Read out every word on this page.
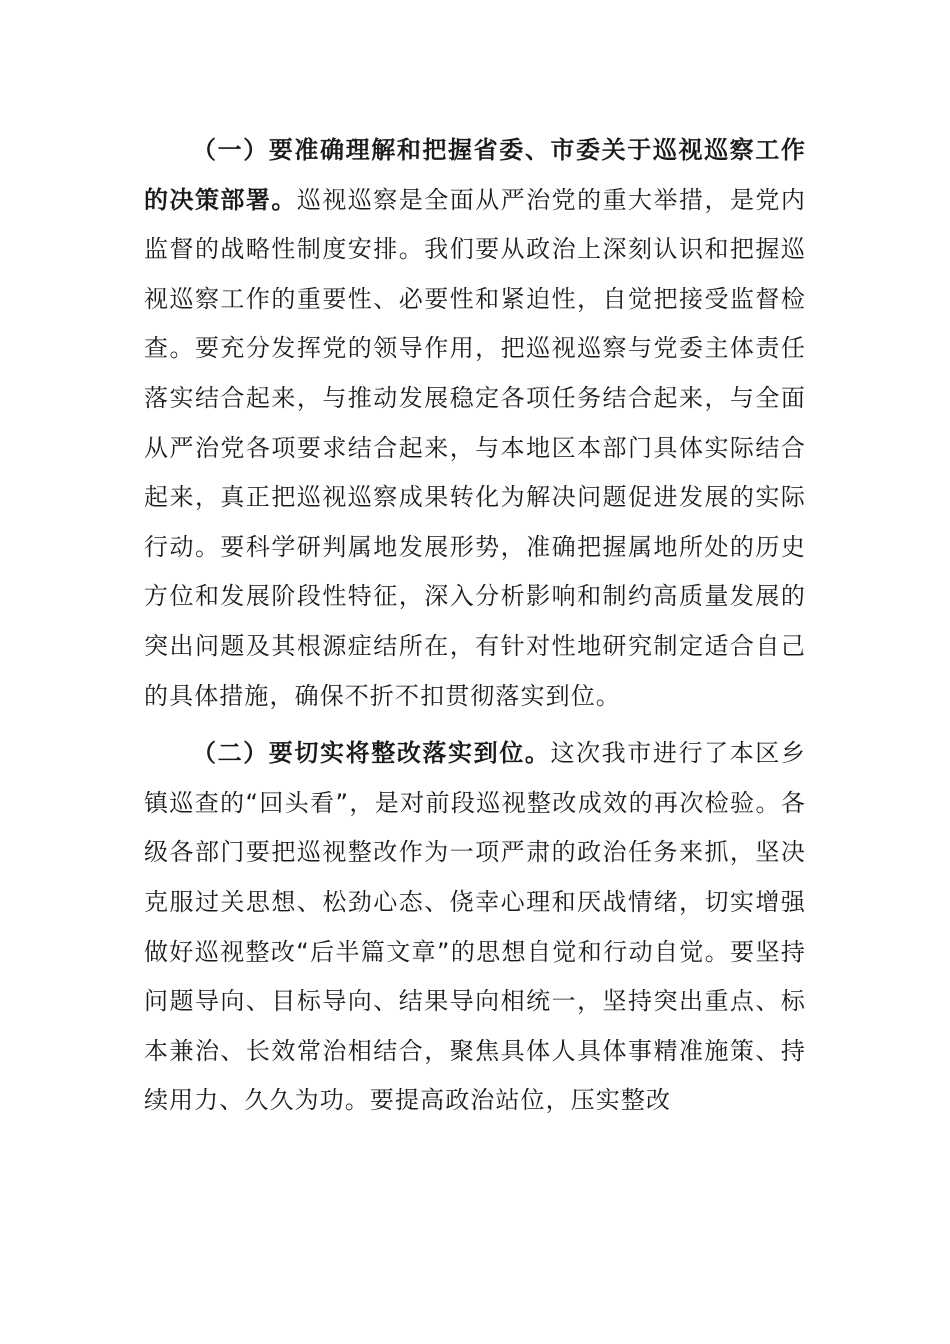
（一）要准确理解和把握省委、市委关于巡视巡察工作的决策部署。巡视巡察是全面从严治党的重大举措，是党内监督的战略性制度安排。我们要从政治上深刻认识和把握巡视巡察工作的重要性、必要性和紧迫性，自觉把接受监督检查。要充分发挥党的领导作用，把巡视巡察与党委主体责任落实结合起来，与推动发展稳定各项任务结合起来，与全面从严治党各项要求结合起来，与本地区本部门具体实际结合起来，真正把巡视巡察成果转化为解决问题促进发展的实际行动。要科学研判属地发展形势，准确把握属地所处的历史方位和发展阶段性特征，深入分析影响和制约高质量发展的突出问题及其根源症结所在，有针对性地研究制定适合自己的具体措施，确保不折不扣贯彻落实到位。

（二）要切实将整改落实到位。这次我市进行了本区乡镇巡查的“回头看”，是对前段巡视整改成效的再次检验。各级各部门要把巡视整改作为一项严肃的政治任务来抓，坚决克服过关思想、松劲心态、侥幸心理和厌战情绪，切实增强做好巡视整改“后半篇文章”的思想自觉和行动自觉。要坚持问题导向、目标导向、结果导向相统一，坚持突出重点、标本兼治、长效常治相结合，聚焦具体人具体事精准施策、持续用力、久久为功。要提高政治站位，压实整改
